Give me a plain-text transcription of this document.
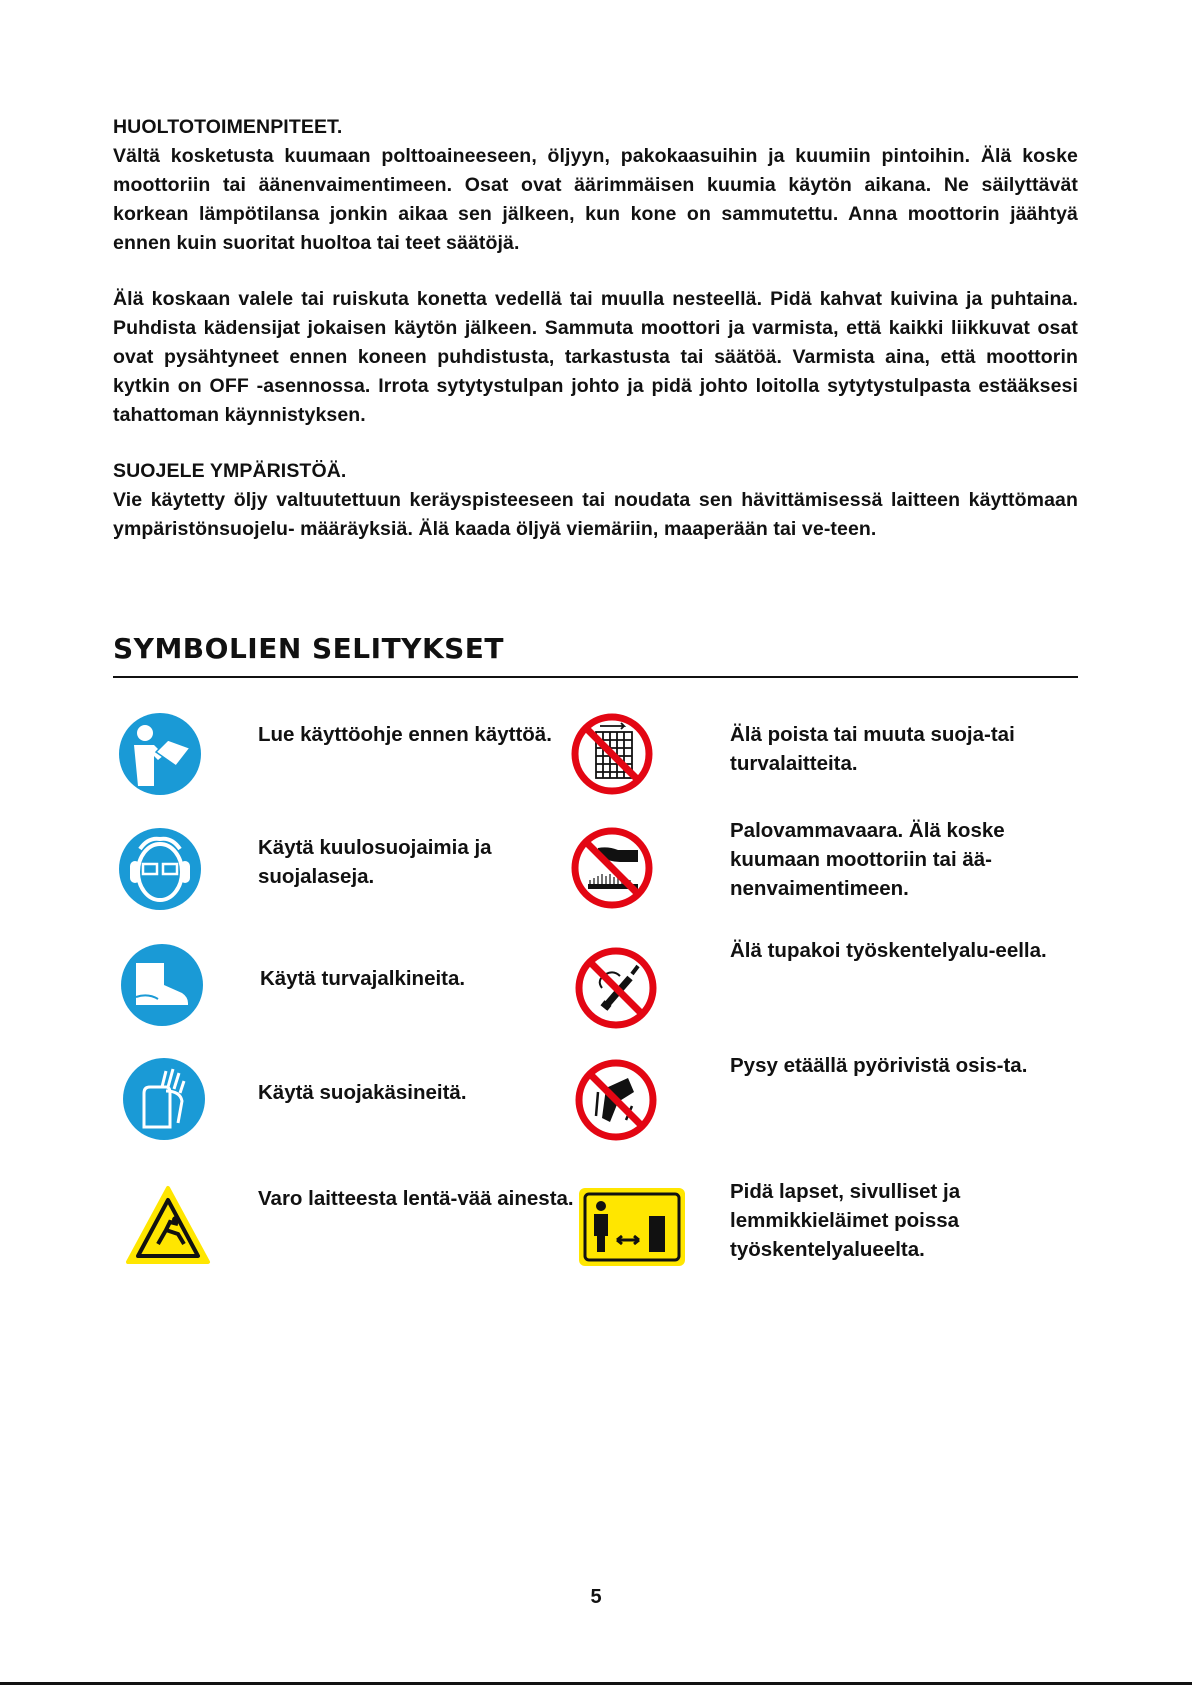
HUOLTOTOIMENPITEET.

Vältä kosketusta kuumaan polttoaineeseen, öljyyn, pakokaasuihin ja kuumiin pintoihin. Älä koske moottoriin tai äänenvaimentimeen. Osat ovat äärimmäisen kuumia käytön aikana. Ne säilyttävät korkean lämpötilansa jonkin aikaa sen jälkeen, kun kone on sammutettu. Anna moottorin jäähtyä ennen kuin suoritat huoltoa tai teet säätöjä.

Älä koskaan valele tai ruiskuta konetta vedellä tai muulla nesteellä. Pidä kahvat kuivina ja puhtaina. Puhdista kädensijat jokaisen käytön jälkeen. Sammuta moottori ja varmista, että kaikki liikkuvat osat ovat pysähtyneet ennen koneen puhdistusta, tarkastusta tai säätöä. Varmista aina, että moottorin kytkin on OFF -asennossa. Irrota sytytystulpan johto ja pidä johto loitolla sytytystulpasta estääksesi tahattoman käynnistyksen.

SUOJELE YMPÄRISTÖÄ.

Vie käytetty öljy valtuutettuun keräyspisteeseen tai noudata sen hävittämisessä laitteen käyttömaan ympäristönsuojelu- määräyksiä. Älä kaada öljyä viemäriin, maaperään tai ve-teen.

SYMBOLIEN SELITYKSET
Lue käyttöohje ennen käyttöä.
Käytä kuulosuojaimia ja suojalaseja.
Käytä turvajalkineita.
Käytä suojakäsineitä.
Varo laitteesta lentä-vää ainesta.
Älä poista tai muuta suoja-tai turvalaitteita.
Palovammavaara. Älä koske kuumaan moottoriin tai ää-nenvaimentimeen.
Älä tupakoi työskentelyalu-eella.
Pysy etäällä pyörivistä osis-ta.
Pidä lapset, sivulliset ja lemmikkieläimet poissa työskentelyalueelta.
5
